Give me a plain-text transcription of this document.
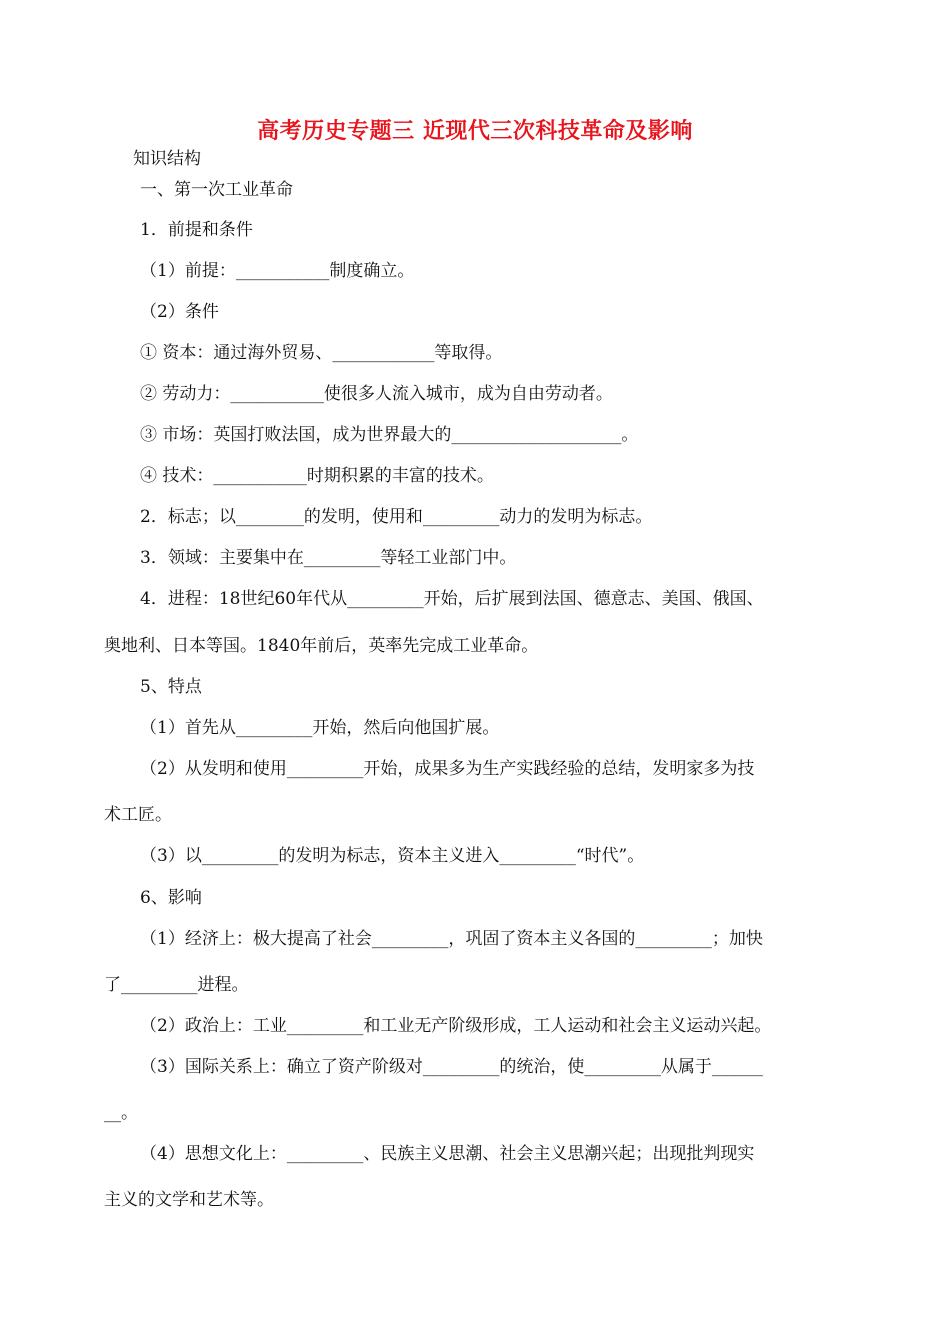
高考历史专题三 近现代三次科技革命及影响
知识结构
一、第一次工业革命
1．前提和条件
（1）前提：___________制度确立。
（2）条件
① 资本：通过海外贸易、____________等取得。
② 劳动力：___________使很多人流入城市，成为自由劳动者。
③ 市场：英国打败法国，成为世界最大的____________________。
④ 技术：___________时期积累的丰富的技术。
2．标志；以________的发明，使用和_________动力的发明为标志。
3．领域：主要集中在_________等轻工业部门中。
4．进程：18世纪60年代从_________开始，后扩展到法国、德意志、美国、俄国、
奥地利、日本等国。1840年前后，英率先完成工业革命。
5、特点
（1）首先从_________开始，然后向他国扩展。
（2）从发明和使用_________开始，成果多为生产实践经验的总结，发明家多为技
术工匠。
（3）以_________的发明为标志，资本主义进入_________“时代”。
6、影响
（1）经济上：极大提高了社会_________，巩固了资本主义各国的_________；加快
了_________进程。
（2）政治上：工业_________和工业无产阶级形成，工人运动和社会主义运动兴起。
（3）国际关系上：确立了资产阶级对_________的统治，使_________从属于______
__。
（4）思想文化上：_________、民族主义思潮、社会主义思潮兴起；出现批判现实
主义的文学和艺术等。
